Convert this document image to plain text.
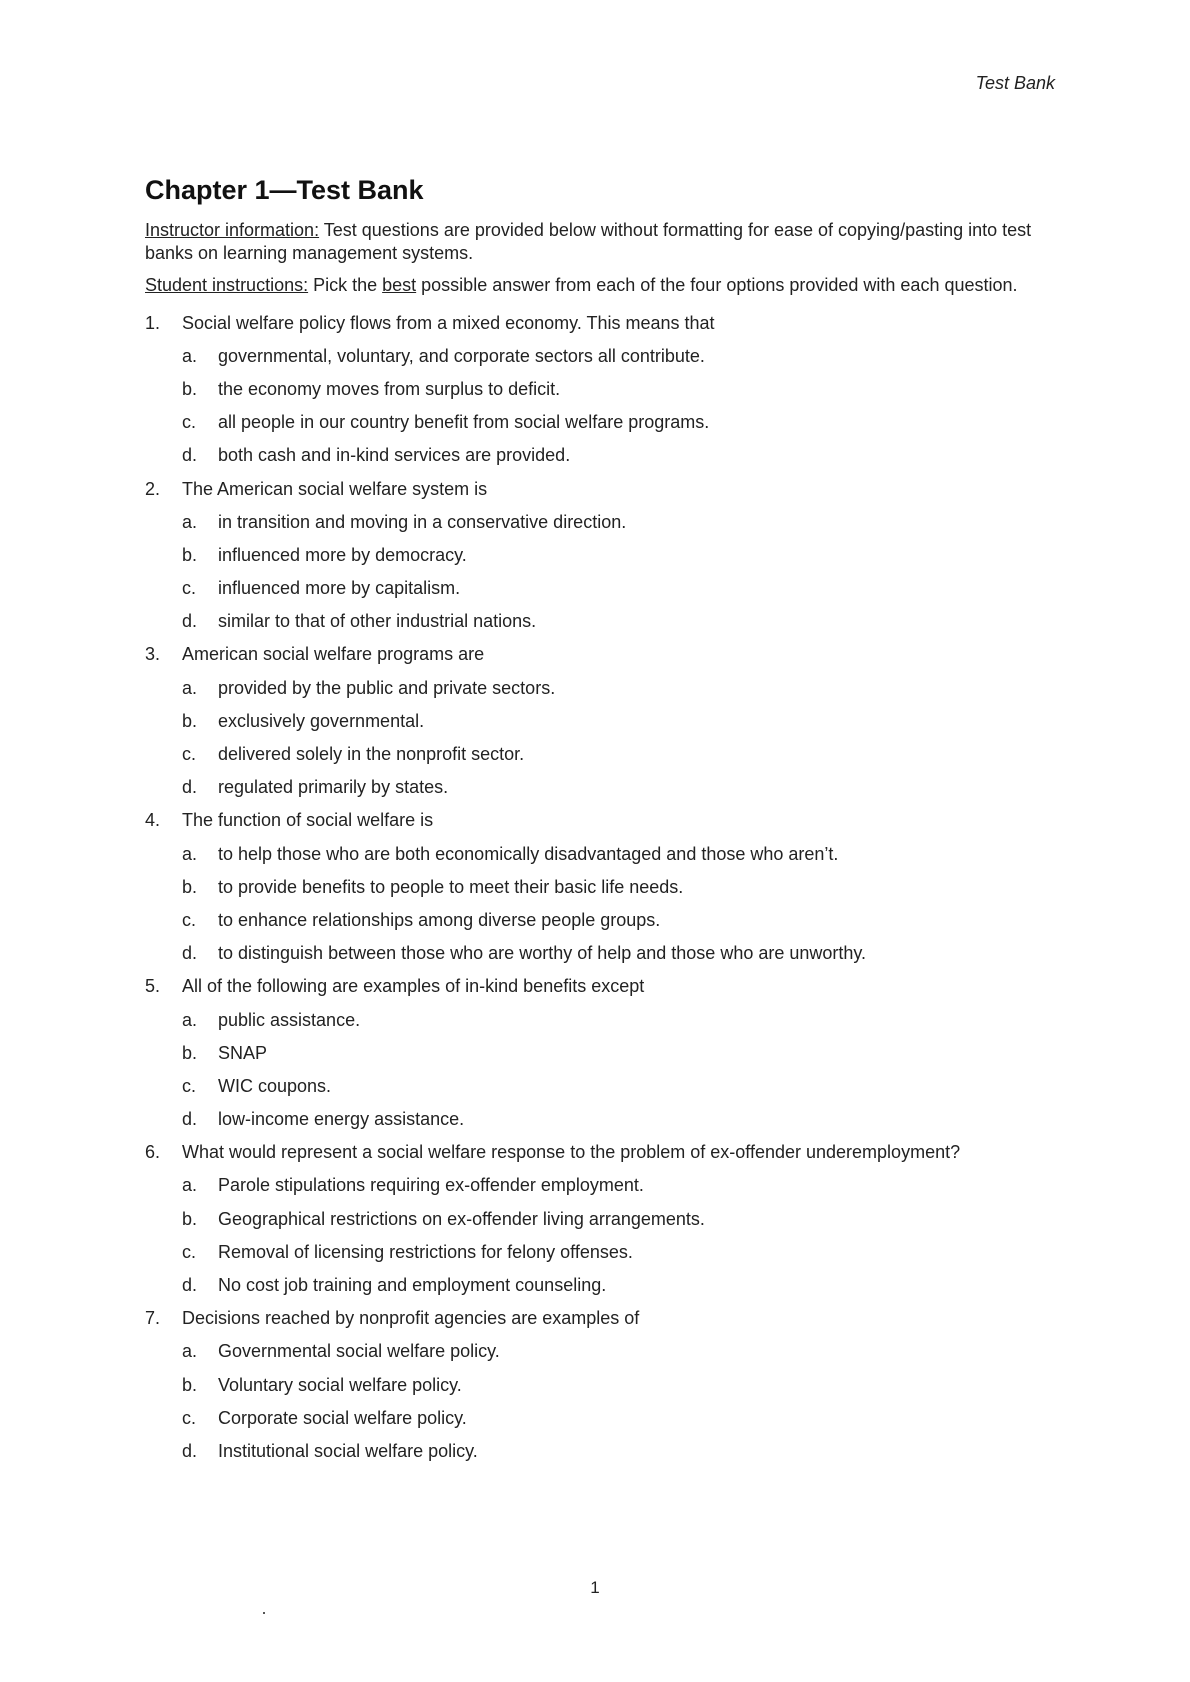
Test Bank
Chapter 1—Test Bank

Instructor information: Test questions are provided below without formatting for ease of copying/pasting into test banks on learning management systems.

Student instructions: Pick the best possible answer from each of the four options provided with each question.

1.	Social welfare policy flows from a mixed economy. This means that
a.	governmental, voluntary, and corporate sectors all contribute.
b.	the economy moves from surplus to deficit.
c.	all people in our country benefit from social welfare programs.
d.	both cash and in-kind services are provided.
2.	The American social welfare system is
a.	in transition and moving in a conservative direction.
b.	influenced more by democracy.
c.	influenced more by capitalism.
d.	similar to that of other industrial nations.
3.	American social welfare programs are
a.	provided by the public and private sectors.
b.	exclusively governmental.
c.	delivered solely in the nonprofit sector.
d.	regulated primarily by states.
4.	The function of social welfare is
a.	to help those who are both economically disadvantaged and those who aren’t.
b.	to provide benefits to people to meet their basic life needs.
c.	to enhance relationships among diverse people groups.
d.	to distinguish between those who are worthy of help and those who are unworthy.
5.	All of the following are examples of in-kind benefits except
a.	public assistance.
b.	SNAP
c.	WIC coupons.
d.	low-income energy assistance.
6.	What would represent a social welfare response to the problem of ex-offender underemployment?
a.	Parole stipulations requiring ex-offender employment.
b.	Geographical restrictions on ex-offender living arrangements.
c.	Removal of licensing restrictions for felony offenses.
d.	No cost job training and employment counseling.
7.	Decisions reached by nonprofit agencies are examples of
a.	Governmental social welfare policy.
b.	Voluntary social welfare policy.
c.	Corporate social welfare policy.
d.	Institutional social welfare policy.
1
